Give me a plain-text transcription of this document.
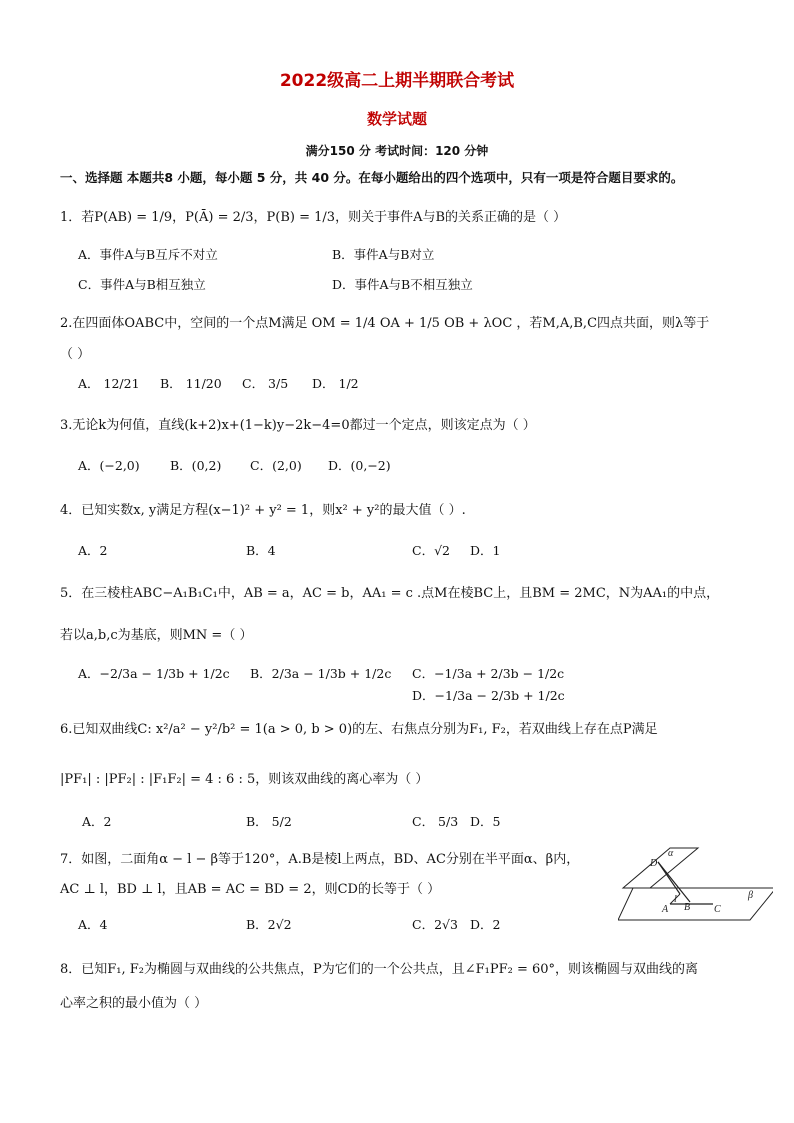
2022级高二上期半期联合考试
数学试题
满分150 分 考试时间：120 分钟
一、选择题 本题共8 小题，每小题 5 分，共 40 分。在每小题给出的四个选项中，只有一项是符合题目要求的。
1．若P(AB) = 1/9，P(Ā) = 2/3，P(B) = 1/3，则关于事件A与B的关系正确的是（ ）
A．事件A与B互斥不对立	B．事件A与B对立
C．事件A与B相互独立	D．事件A与B不相互独立
2.在四面体OABC中，空间的一个点M满足 OM = 1/4 OA + 1/5 OB + λOC ，若M,A,B,C四点共面，则λ等于
（ ）
A． 12/21 B． 11/20 C． 3/5 D． 1/2
3.无论k为何值，直线(k+2)x+(1−k)y−2k−4=0都过一个定点，则该定点为（ ）
A．(−2,0) B．(0,2) C．(2,0) D．(0,−2)
4．已知实数x, y满足方程(x−1)² + y² = 1，则x² + y²的最大值（ ）.
A．2	B．4	C．√2 D．1
5．在三棱柱ABC−A₁B₁C₁中，AB = a，AC = b，AA₁ = c .点M在棱BC上，且BM = 2MC，N为AA₁的中点，
若以a,b,c为基底，则MN =（ ）
A．−2/3a − 1/3b + 1/2c B．2/3a − 1/3b + 1/2c C．−1/3a + 2/3b − 1/2c
D．−1/3a − 2/3b + 1/2c
6.已知双曲线C: x²/a² − y²/b² = 1(a > 0, b > 0)的左、右焦点分别为F₁, F₂，若双曲线上存在点P满足
|PF₁| : |PF₂| : |F₁F₂| = 4 : 6 : 5，则该双曲线的离心率为（ ）
A．2	B． 5/2	C． 5/3 D．5
7．如图，二面角α − l − β等于120°，A.B是棱l上两点，BD、AC分别在半平面α、β内，
AC ⊥ l，BD ⊥ l，且AB = AC = BD = 2，则CD的长等于（ ）
A．4	B．2√2	C．2√3 D．2
α
D
l
A B C
β
8．已知F₁, F₂为椭圆与双曲线的公共焦点，P为它们的一个公共点，且∠F₁PF₂ = 60°，则该椭圆与双曲线的离
心率之积的最小值为（ ）
